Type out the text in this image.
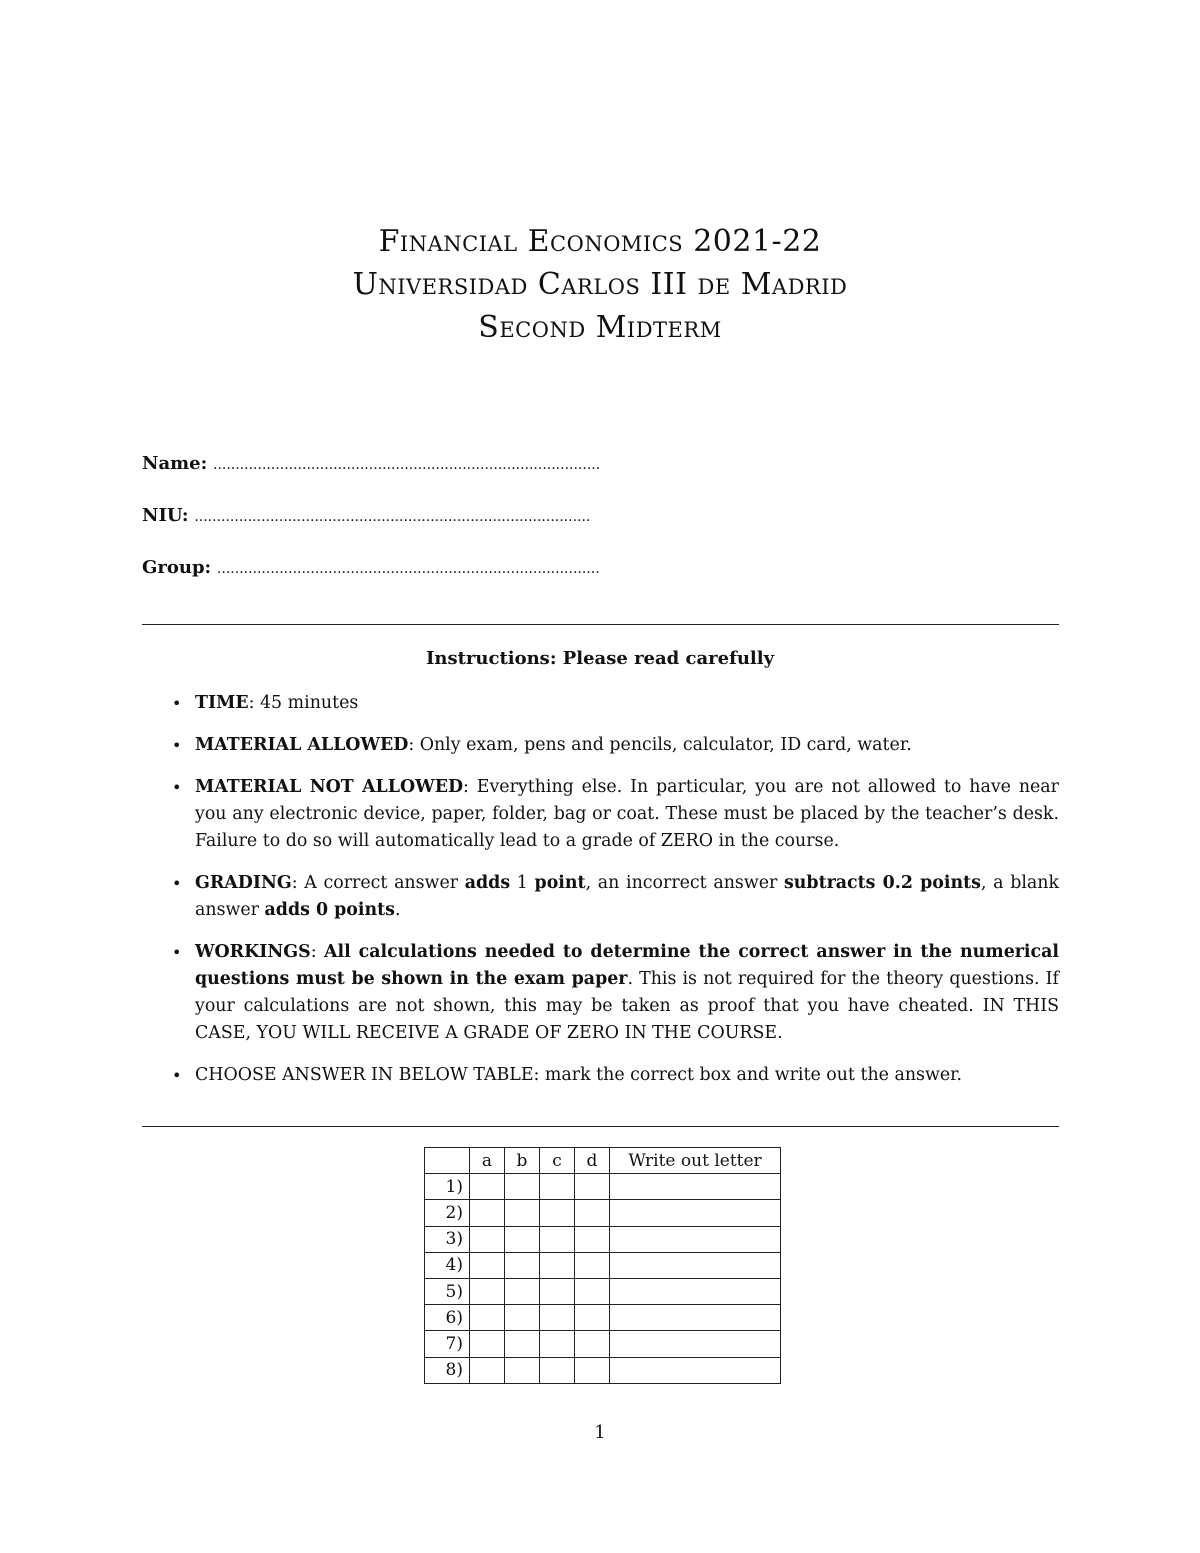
Financial Economics 2021-22
Universidad Carlos III de Madrid
Second Midterm
Name: .......................................................................................
NIU: .........................................................................................
Group: ......................................................................................
Instructions: Please read carefully
• TIME: 45 minutes
• MATERIAL ALLOWED: Only exam, pens and pencils, calculator, ID card, water.
• MATERIAL NOT ALLOWED: Everything else. In particular, you are not allowed to have near you any electronic device, paper, folder, bag or coat. These must be placed by the teacher’s desk. Failure to do so will automatically lead to a grade of ZERO in the course.
• GRADING: A correct answer adds 1 point, an incorrect answer subtracts 0.2 points, a blank answer adds 0 points.
• WORKINGS: All calculations needed to determine the correct answer in the numerical questions must be shown in the exam paper. This is not required for the theory questions. If your calculations are not shown, this may be taken as proof that you have cheated. IN THIS CASE, YOU WILL RECEIVE A GRADE OF ZERO IN THE COURSE.
• CHOOSE ANSWER IN BELOW TABLE: mark the correct box and write out the answer.
	a	b	c	d	Write out letter
1)					
2)					
3)					
4)					
5)					
6)					
7)					
8)					
1
